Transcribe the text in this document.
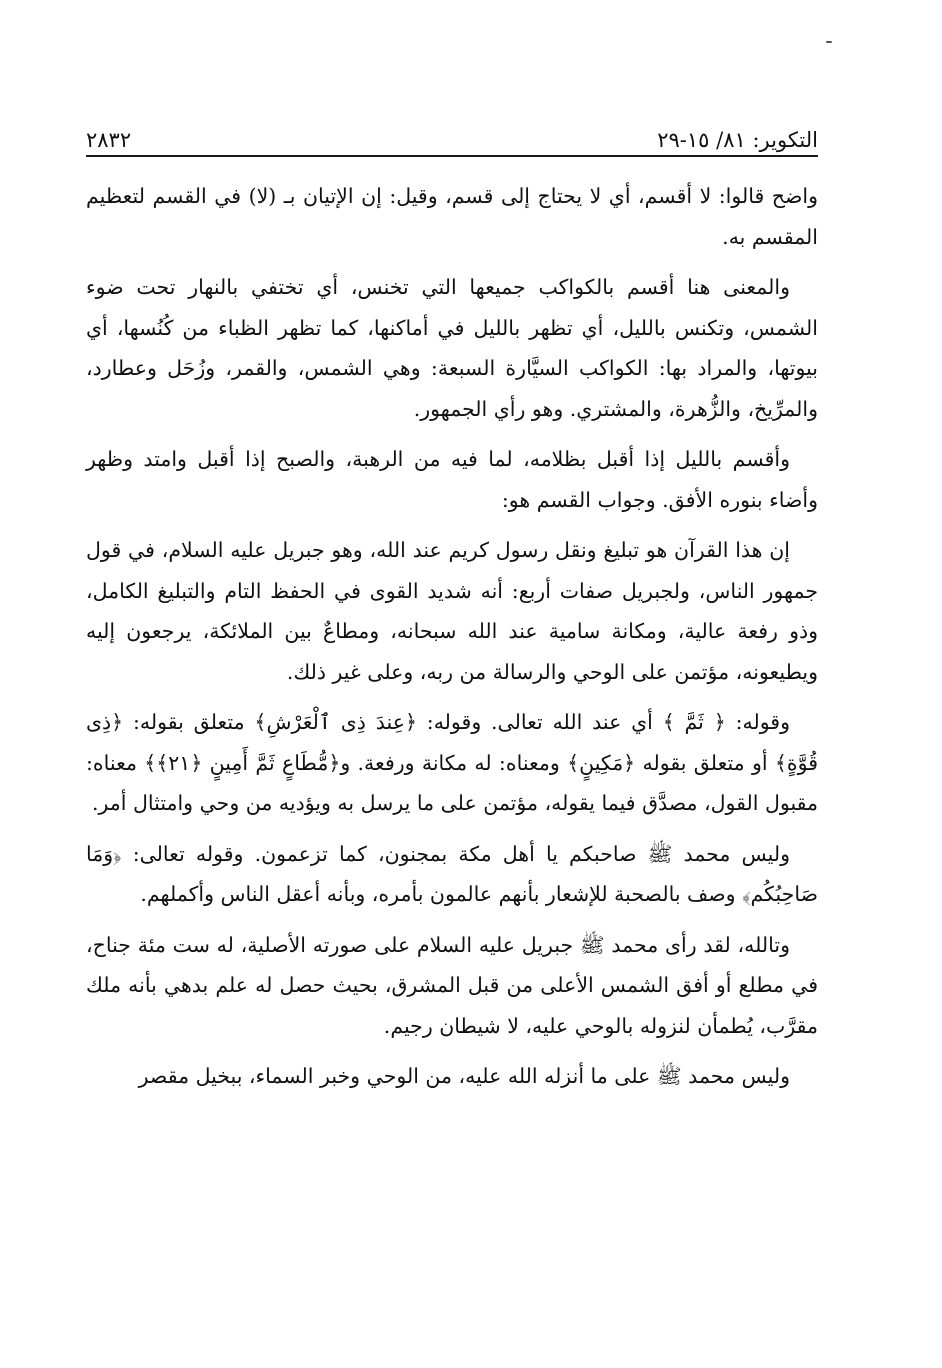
التكوير: ٨١/ ١٥-٢٩
٢٨٣٢

واضح قالوا: لا أقسم، أي لا يحتاج إلى قسم، وقيل: إن الإتيان بـ (لا) في القسم لتعظيم المقسم به.

والمعنى هنا أقسم بالكواكب جميعها التي تخنس، أي تختفي بالنهار تحت ضوء الشمس، وتكنس بالليل، أي تظهر بالليل في أماكنها، كما تظهر الظباء من كُنُسها، أي بيوتها، والمراد بها: الكواكب السيَّارة السبعة: وهي الشمس، والقمر، وزُحَل وعطارد، والمرِّيخ، والزُّهرة، والمشتري. وهو رأي الجمهور.

وأقسم بالليل إذا أقبل بظلامه، لما فيه من الرهبة، والصبح إذا أقبل وامتد وظهر وأضاء بنوره الأفق. وجواب القسم هو:

إن هذا القرآن هو تبليغ ونقل رسول كريم عند الله، وهو جبريل عليه السلام، في قول جمهور الناس، ولجبريل صفات أربع: أنه شديد القوى في الحفظ التام والتبليغ الكامل، وذو رفعة عالية، ومكانة سامية عند الله سبحانه، ومطاعٌ بين الملائكة، يرجعون إليه ويطيعونه، مؤتمن على الوحي والرسالة من ربه، وعلى غير ذلك.

وقوله: ﴿ ثَمَّ ﴾ أي عند الله تعالى. وقوله: ﴿عِندَ ذِى ٱلْعَرْشِ﴾ متعلق بقوله: ﴿ذِى قُوَّةٍ﴾ أو متعلق بقوله ﴿مَكِينٍ﴾ ومعناه: له مكانة ورفعة. و﴿مُّطَاعٍ ثَمَّ أَمِينٍ ﴿٢١﴾﴾ معناه: مقبول القول، مصدَّق فيما يقوله، مؤتمن على ما يرسل به ويؤديه من وحي وامتثال أمر.

وليس محمد ﷺ صاحبكم يا أهل مكة بمجنون، كما تزعمون. وقوله تعالى: ﴿وَمَا صَاحِبُكُم﴾ وصف بالصحبة للإشعار بأنهم عالمون بأمره، وبأنه أعقل الناس وأكملهم.

وتالله، لقد رأى محمد ﷺ جبريل عليه السلام على صورته الأصلية، له ست مئة جناح، في مطلع أو أفق الشمس الأعلى من قبل المشرق، بحيث حصل له علم بدهي بأنه ملك مقرَّب، يُطمأن لنزوله بالوحي عليه، لا شيطان رجيم.

وليس محمد ﷺ على ما أنزله الله عليه، من الوحي وخبر السماء، ببخيل مقصر
